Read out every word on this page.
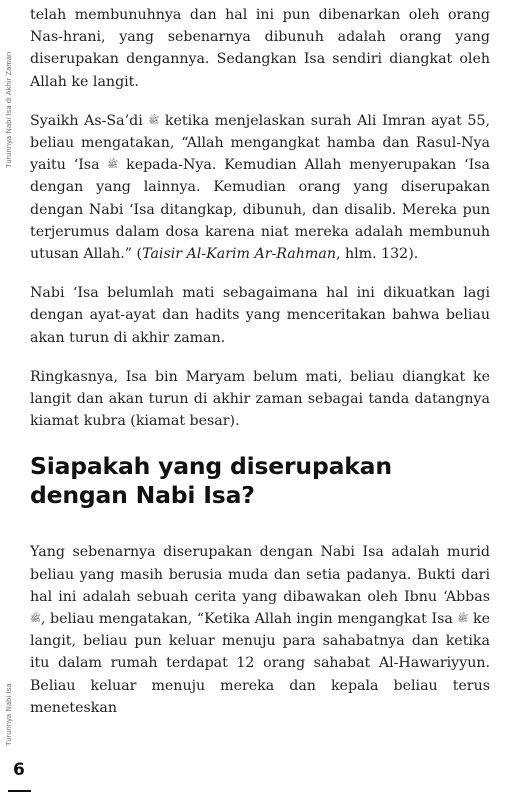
Turunnya Nabi Isa di Akhir Zaman
Turunnya Nabi Isa

telah membunuhnya dan hal ini pun dibenarkan oleh orang Nas-hrani, yang sebenarnya dibunuh adalah orang yang diserupakan dengannya. Sedangkan Isa sendiri diangkat oleh Allah ke langit.

Syaikh As-Sa’di ﷺ ketika menjelaskan surah Ali Imran ayat 55, beliau mengatakan, “Allah mengangkat hamba dan Rasul-Nya yaitu ‘Isa ﷺ kepada-Nya. Kemudian Allah menyerupakan ‘Isa dengan yang lainnya. Kemudian orang yang diserupakan dengan Nabi ‘Isa ditangkap, dibunuh, dan disalib. Mereka pun terjerumus dalam dosa karena niat mereka adalah membunuh utusan Allah.” (Taisir Al-Karim Ar-Rahman, hlm. 132).

Nabi ‘Isa belumlah mati sebagaimana hal ini dikuatkan lagi dengan ayat-ayat dan hadits yang menceritakan bahwa beliau akan turun di akhir zaman.

Ringkasnya, Isa bin Maryam belum mati, beliau diangkat ke langit dan akan turun di akhir zaman sebagai tanda datangnya kiamat kubra (kiamat besar).

Siapakah yang diserupakan dengan Nabi Isa?

Yang sebenarnya diserupakan dengan Nabi Isa adalah murid beliau yang masih berusia muda dan setia padanya. Bukti dari hal ini adalah sebuah cerita yang dibawakan oleh Ibnu ‘Abbas ﷺ, beliau mengatakan, “Ketika Allah ingin mengangkat Isa ﷺ ke langit, beliau pun keluar menuju para sahabatnya dan ketika itu dalam rumah terdapat 12 orang sahabat Al-Hawariyyun. Beliau keluar menuju mereka dan kepala beliau terus meneteskan

6
